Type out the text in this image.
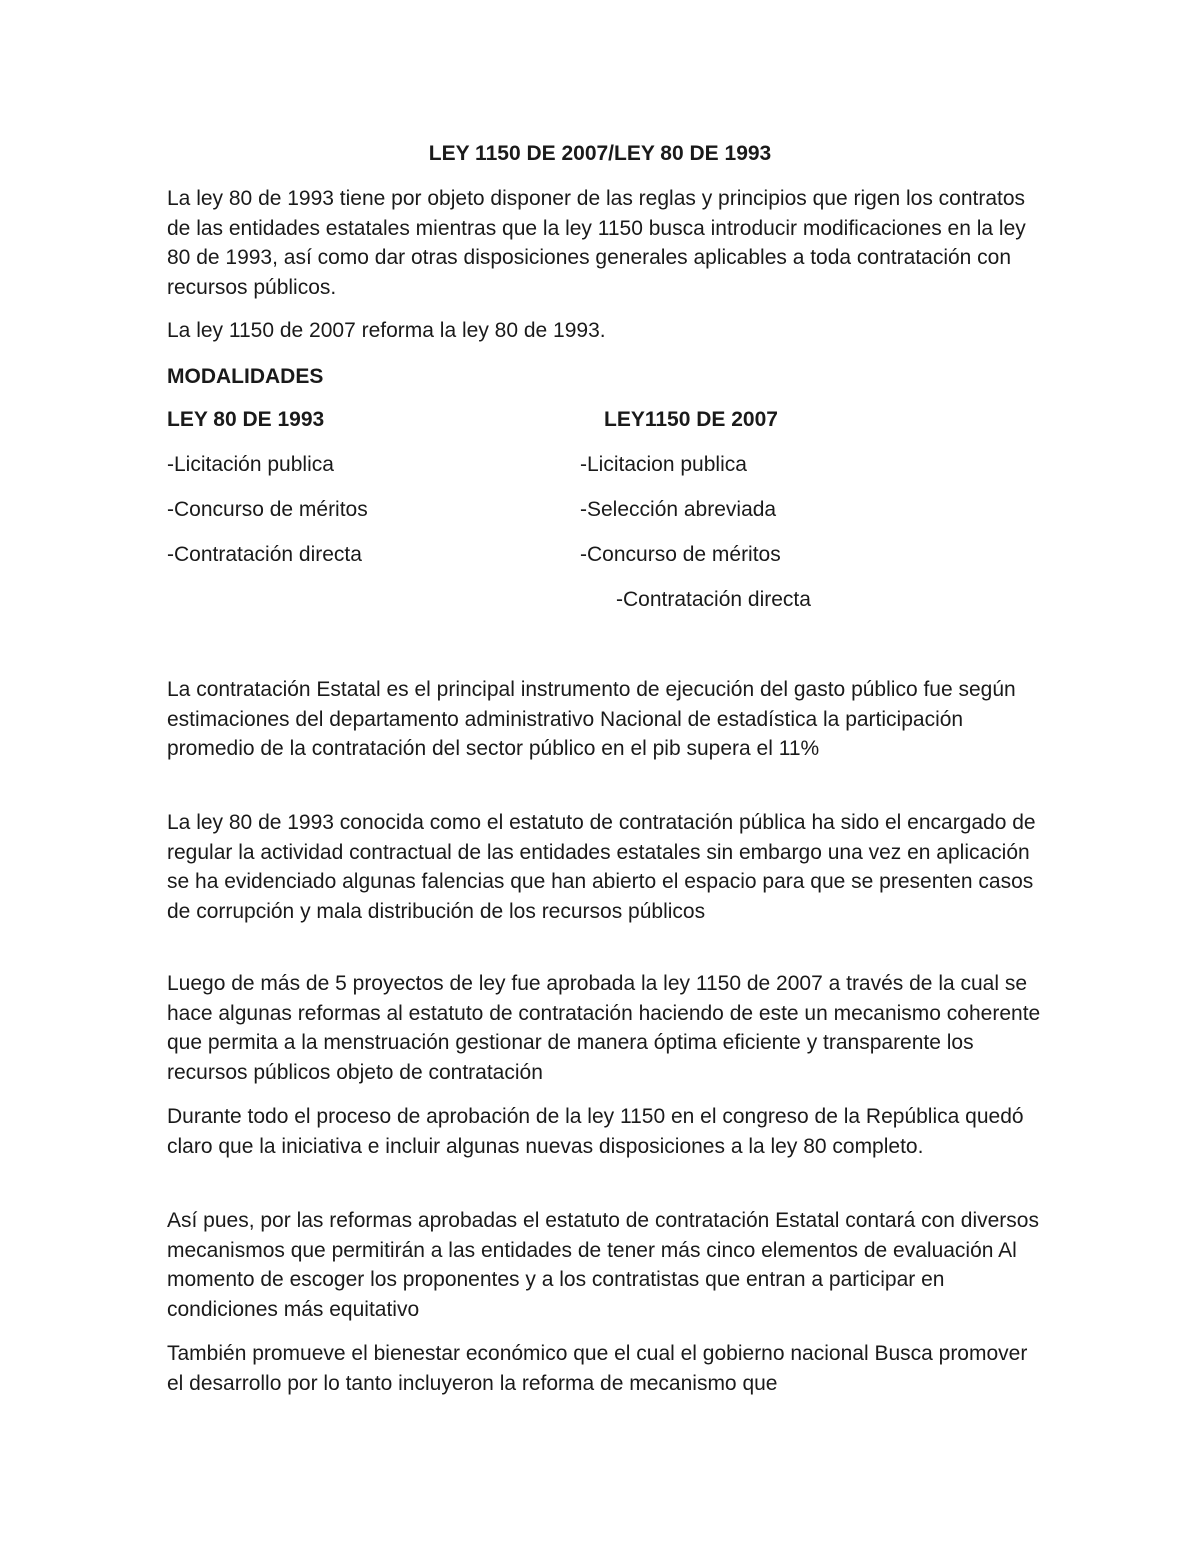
LEY 1150 DE 2007/LEY 80 DE 1993

La ley 80 de 1993 tiene por objeto disponer de las reglas y principios que rigen los contratos de las entidades estatales mientras que la ley 1150 busca introducir modificaciones en la ley 80 de 1993, así como dar otras disposiciones generales aplicables a toda contratación con recursos públicos.

La ley 1150 de 2007 reforma la ley 80 de 1993.

MODALIDADES

LEY 80 DE 1993	LEY1150 DE 2007
-Licitación publica
-Concurso de méritos
-Contratación directa
-Licitacion publica
-Selección abreviada
-Concurso de méritos
-Contratación directa

La contratación Estatal es el principal instrumento de ejecución del gasto público fue según estimaciones del departamento administrativo Nacional de estadística la participación promedio de la contratación del sector público en el pib supera el 11%

La ley 80 de 1993 conocida como el estatuto de contratación pública ha sido el encargado de regular la actividad contractual de las entidades estatales sin embargo una vez en aplicación se ha evidenciado algunas falencias que han abierto el espacio para que se presenten casos de corrupción y mala distribución de los recursos públicos

Luego de más de 5 proyectos de ley fue aprobada la ley 1150 de 2007 a través de la cual se hace algunas reformas al estatuto de contratación haciendo de este un mecanismo coherente que permita a la menstruación gestionar de manera óptima eficiente y transparente los recursos públicos objeto de contratación

Durante todo el proceso de aprobación de la ley 1150 en el congreso de la República quedó claro que la iniciativa e incluir algunas nuevas disposiciones a la ley 80 completo.

Así pues, por las reformas aprobadas el estatuto de contratación Estatal contará con diversos mecanismos que permitirán a las entidades de tener más cinco elementos de evaluación Al momento de escoger los proponentes y a los contratistas que entran a participar en condiciones más equitativo

También promueve el bienestar económico que el cual el gobierno nacional Busca promover el desarrollo por lo tanto incluyeron la reforma de mecanismo que
